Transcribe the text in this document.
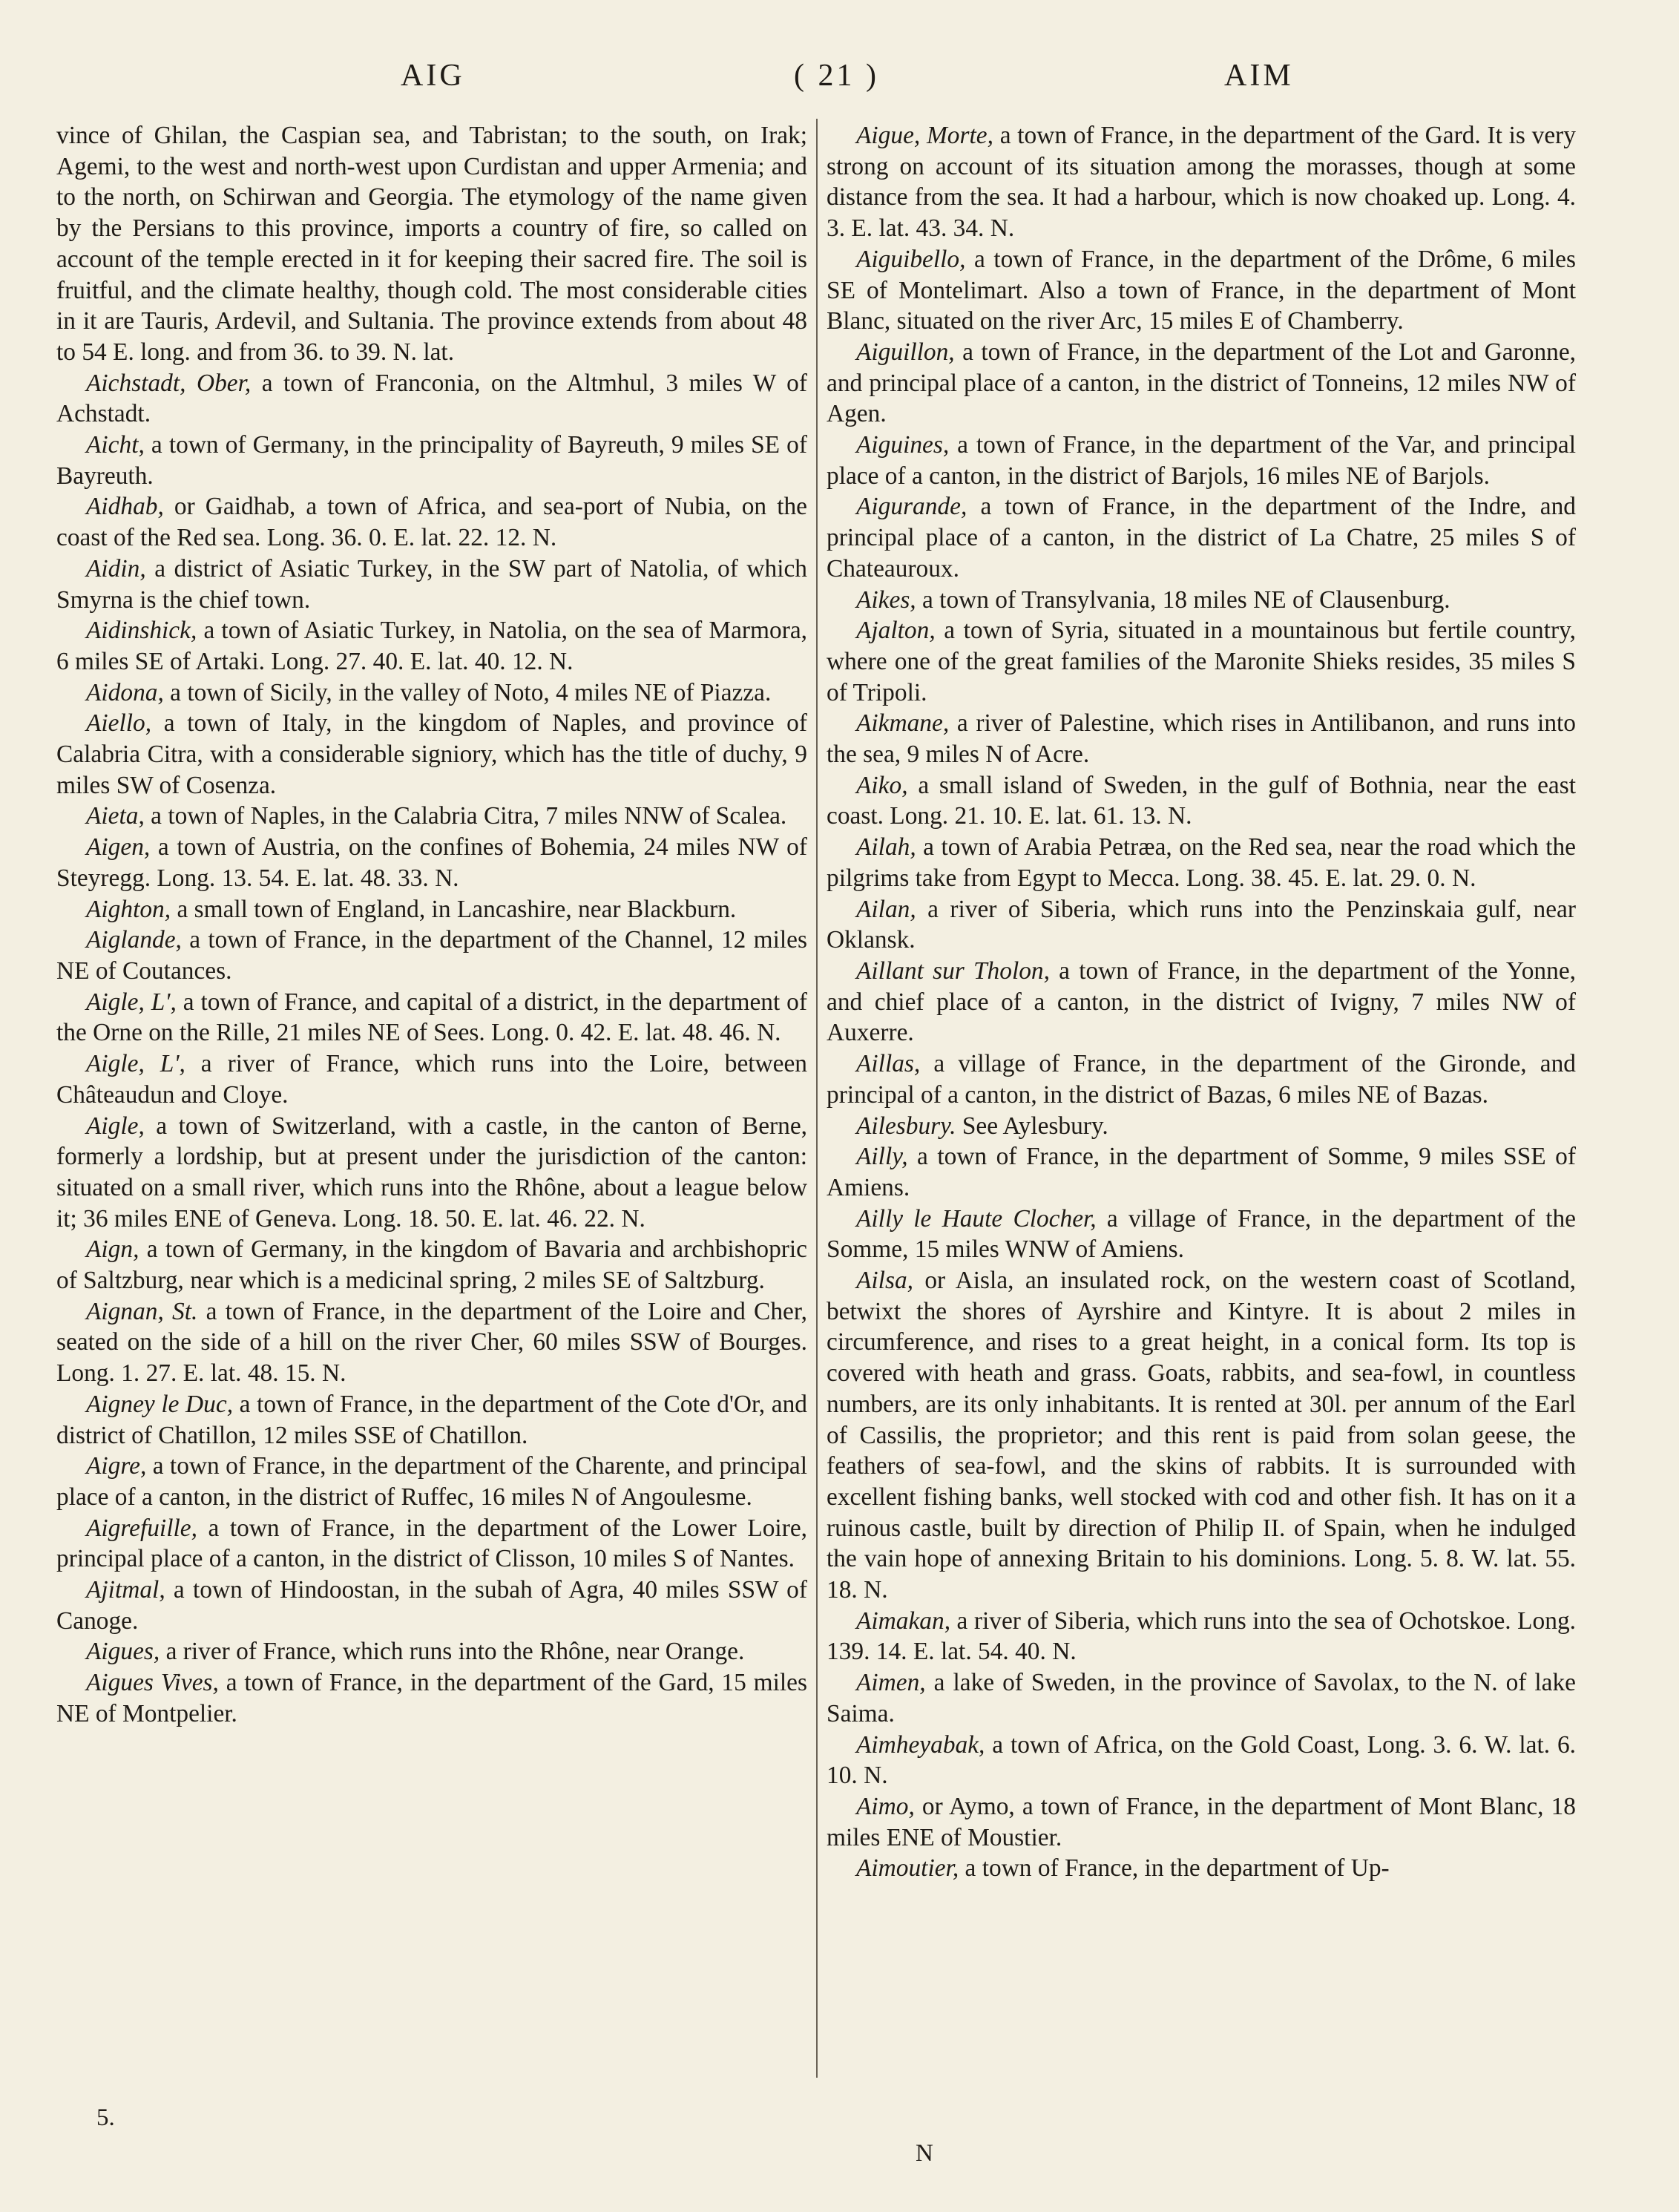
AIG	( 21 )	AIM

vince of Ghilan, the Caspian sea, and Tabristan; to the south, on Irak; Agemi, to the west and north-west upon Curdistan and upper Armenia; and to the north, on Schirwan and Georgia. The etymology of the name given by the Persians to this province, imports a country of fire, so called on account of the temple erected in it for keeping their sacred fire. The soil is fruitful, and the climate healthy, though cold. The most considerable cities in it are Tauris, Ardevil, and Sultania. The province extends from about 48 to 54 E. long. and from 36. to 39. N. lat.

Aichstadt, Ober, a town of Franconia, on the Altmhul, 3 miles W of Achstadt.

Aicht, a town of Germany, in the principality of Bayreuth, 9 miles SE of Bayreuth.

Aidhab, or Gaidhab, a town of Africa, and sea-port of Nubia, on the coast of the Red sea. Long. 36. 0. E. lat. 22. 12. N.

Aidin, a district of Asiatic Turkey, in the SW part of Natolia, of which Smyrna is the chief town.

Aidinshick, a town of Asiatic Turkey, in Natolia, on the sea of Marmora, 6 miles SE of Artaki. Long. 27. 40. E. lat. 40. 12. N.

Aidona, a town of Sicily, in the valley of Noto, 4 miles NE of Piazza.

Aiello, a town of Italy, in the kingdom of Naples, and province of Calabria Citra, with a considerable signiory, which has the title of duchy, 9 miles SW of Cosenza.

Aieta, a town of Naples, in the Calabria Citra, 7 miles NNW of Scalea.

Aigen, a town of Austria, on the confines of Bohemia, 24 miles NW of Steyregg. Long. 13. 54. E. lat. 48. 33. N.

Aighton, a small town of England, in Lancashire, near Blackburn.

Aiglande, a town of France, in the department of the Channel, 12 miles NE of Coutances.

Aigle, L', a town of France, and capital of a district, in the department of the Orne on the Rille, 21 miles NE of Sees. Long. 0. 42. E. lat. 48. 46. N.

Aigle, L', a river of France, which runs into the Loire, between Châteaudun and Cloye.

Aigle, a town of Switzerland, with a castle, in the canton of Berne, formerly a lordship, but at present under the jurisdiction of the canton: situated on a small river, which runs into the Rhône, about a league below it; 36 miles ENE of Geneva. Long. 18. 50. E. lat. 46. 22. N.

Aign, a town of Germany, in the kingdom of Bavaria and archbishopric of Saltzburg, near which is a medicinal spring, 2 miles SE of Saltzburg.

Aignan, St. a town of France, in the department of the Loire and Cher, seated on the side of a hill on the river Cher, 60 miles SSW of Bourges. Long. 1. 27. E. lat. 48. 15. N.

Aigney le Duc, a town of France, in the department of the Cote d'Or, and district of Chatillon, 12 miles SSE of Chatillon.

Aigre, a town of France, in the department of the Charente, and principal place of a canton, in the district of Ruffec, 16 miles N of Angoulesme.

Aigrefuille, a town of France, in the department of the Lower Loire, principal place of a canton, in the district of Clisson, 10 miles S of Nantes.

Ajitmal, a town of Hindoostan, in the subah of Agra, 40 miles SSW of Canoge.

Aigues, a river of France, which runs into the Rhône, near Orange.

Aigues Vives, a town of France, in the department of the Gard, 15 miles NE of Montpelier.

Aigue, Morte, a town of France, in the department of the Gard. It is very strong on account of its situation among the morasses, though at some distance from the sea. It had a harbour, which is now choaked up. Long. 4. 3. E. lat. 43. 34. N.

Aiguibello, a town of France, in the department of the Drôme, 6 miles SE of Montelimart. Also a town of France, in the department of Mont Blanc, situated on the river Arc, 15 miles E of Chamberry.

Aiguillon, a town of France, in the department of the Lot and Garonne, and principal place of a canton, in the district of Tonneins, 12 miles NW of Agen.

Aiguines, a town of France, in the department of the Var, and principal place of a canton, in the district of Barjols, 16 miles NE of Barjols.

Aigurande, a town of France, in the department of the Indre, and principal place of a canton, in the district of La Chatre, 25 miles S of Chateauroux.

Aikes, a town of Transylvania, 18 miles NE of Clausenburg.

Ajalton, a town of Syria, situated in a mountainous but fertile country, where one of the great families of the Maronite Shieks resides, 35 miles S of Tripoli.

Aikmane, a river of Palestine, which rises in Antilibanon, and runs into the sea, 9 miles N of Acre.

Aiko, a small island of Sweden, in the gulf of Bothnia, near the east coast. Long. 21. 10. E. lat. 61. 13. N.

Ailah, a town of Arabia Petræa, on the Red sea, near the road which the pilgrims take from Egypt to Mecca. Long. 38. 45. E. lat. 29. 0. N.

Ailan, a river of Siberia, which runs into the Penzinskaia gulf, near Oklansk.

Aillant sur Tholon, a town of France, in the department of the Yonne, and chief place of a canton, in the district of Ivigny, 7 miles NW of Auxerre.

Aillas, a village of France, in the department of the Gironde, and principal of a canton, in the district of Bazas, 6 miles NE of Bazas.

Ailesbury. See Aylesbury.

Ailly, a town of France, in the department of Somme, 9 miles SSE of Amiens.

Ailly le Haute Clocher, a village of France, in the department of the Somme, 15 miles WNW of Amiens.

Ailsa, or Aisla, an insulated rock, on the western coast of Scotland, betwixt the shores of Ayrshire and Kintyre. It is about 2 miles in circumference, and rises to a great height, in a conical form. Its top is covered with heath and grass. Goats, rabbits, and sea-fowl, in countless numbers, are its only inhabitants. It is rented at 30l. per annum of the Earl of Cassilis, the proprietor; and this rent is paid from solan geese, the feathers of sea-fowl, and the skins of rabbits. It is surrounded with excellent fishing banks, well stocked with cod and other fish. It has on it a ruinous castle, built by direction of Philip II. of Spain, when he indulged the vain hope of annexing Britain to his dominions. Long. 5. 8. W. lat. 55. 18. N.

Aimakan, a river of Siberia, which runs into the sea of Ochotskoe. Long. 139. 14. E. lat. 54. 40. N.

Aimen, a lake of Sweden, in the province of Savolax, to the N. of lake Saima.

Aimheyabak, a town of Africa, on the Gold Coast, Long. 3. 6. W. lat. 6. 10. N.

Aimo, or Aymo, a town of France, in the department of Mont Blanc, 18 miles ENE of Moustier.

Aimoutier, a town of France, in the department of Up-

5.
N
